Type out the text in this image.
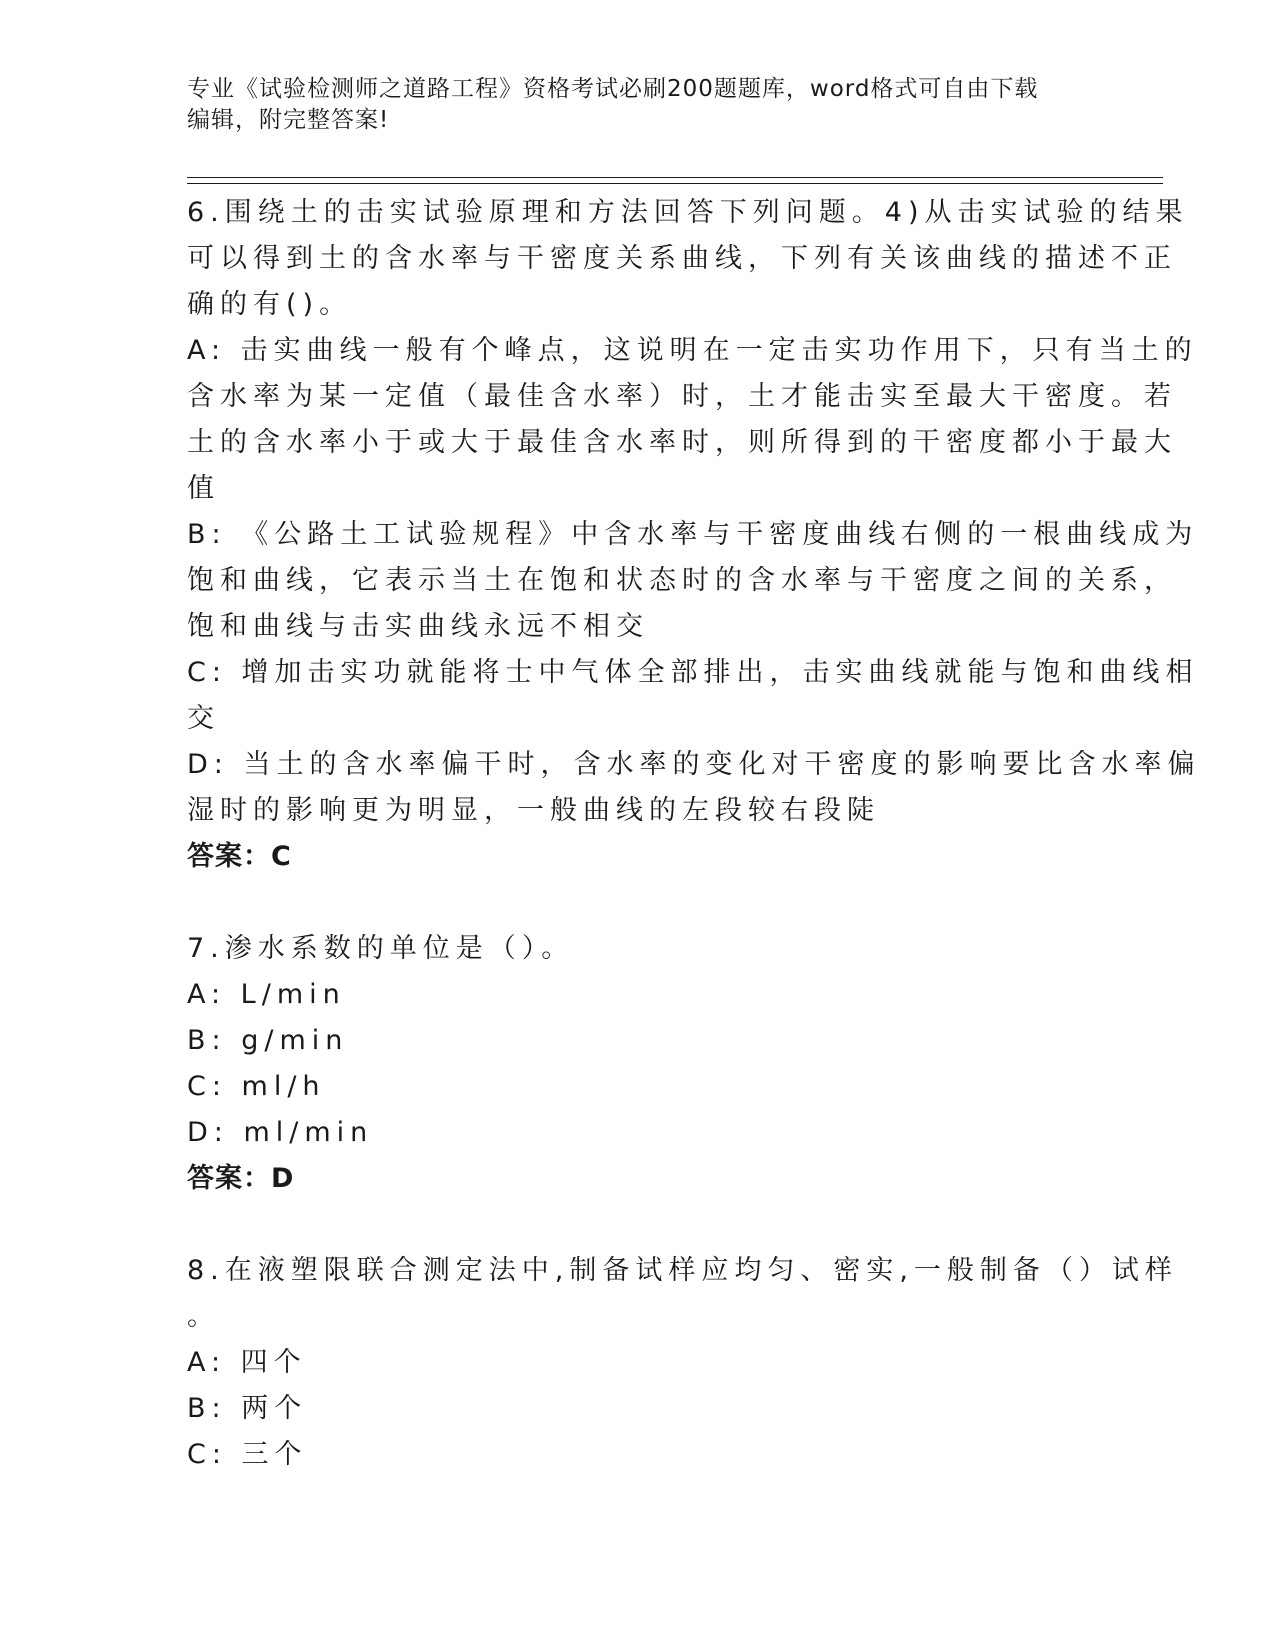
专业《试验检测师之道路工程》资格考试必刷200题题库，word格式可自由下载
编辑，附完整答案!
6.围绕土的击实试验原理和方法回答下列问题。4)从击实试验的结果
可以得到土的含水率与干密度关系曲线，下列有关该曲线的描述不正
确的有()。
A: 击实曲线一般有个峰点，这说明在一定击实功作用下，只有当土的
含水率为某一定值（最佳含水率）时，土才能击实至最大干密度。若
土的含水率小于或大于最佳含水率时，则所得到的干密度都小于最大
值
B: 《公路土工试验规程》中含水率与干密度曲线右侧的一根曲线成为
饱和曲线，它表示当土在饱和状态时的含水率与干密度之间的关系，
饱和曲线与击实曲线永远不相交
C: 增加击实功就能将士中气体全部排出，击实曲线就能与饱和曲线相
交
D: 当土的含水率偏干时，含水率的变化对干密度的影响要比含水率偏
湿时的影响更为明显，一般曲线的左段较右段陡
答案：C
7.渗水系数的单位是（）。
A: L/min
B: g/min
C: ml/h
D: ml/min
答案：D
8.在液塑限联合测定法中,制备试样应均匀、密实,一般制备（）试样
。
A: 四个
B: 两个
C: 三个
